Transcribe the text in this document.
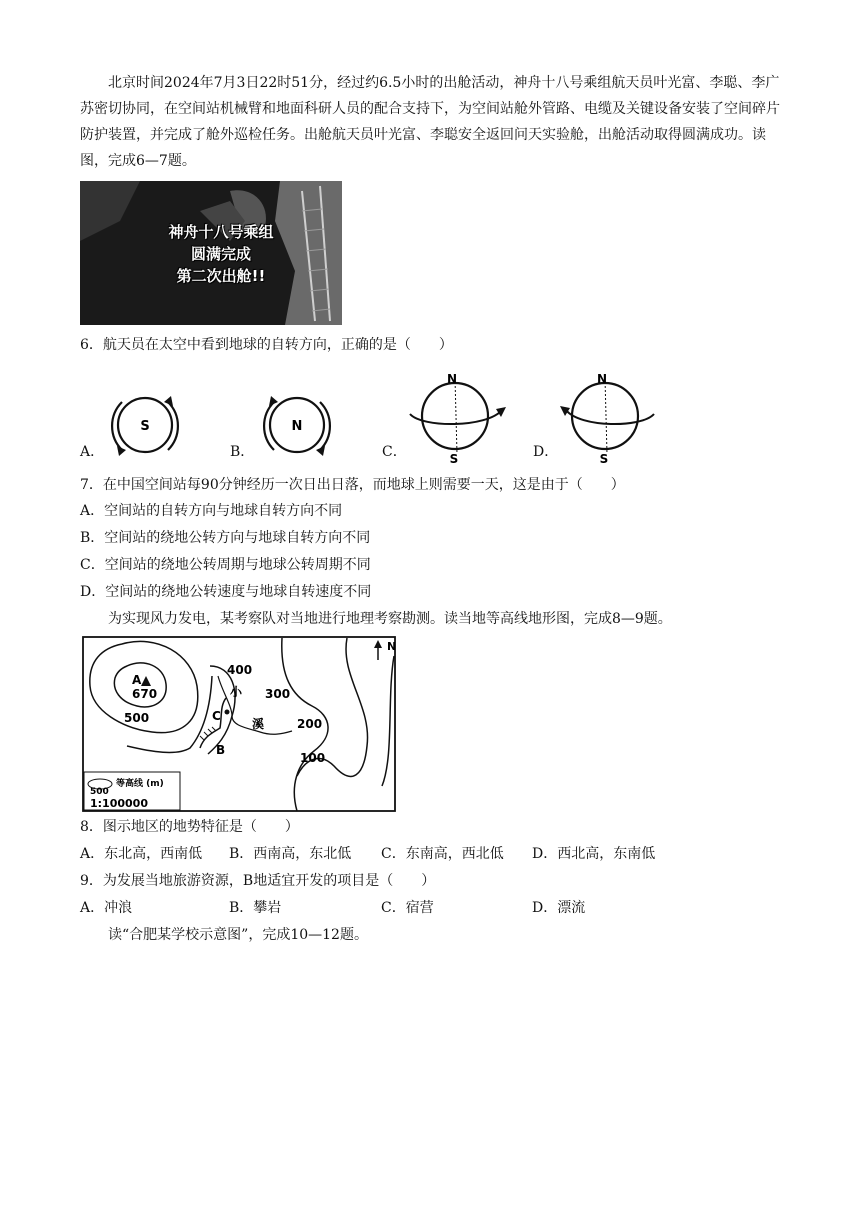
北京时间2024年7月3日22时51分，经过约6.5小时的出舱活动，神舟十八号乘组航天员叶光富、李聪、李广苏密切协同，在空间站机械臂和地面科研人员的配合支持下，为空间站舱外管路、电缆及关键设备安装了空间碎片防护装置，并完成了舱外巡检任务。出舱航天员叶光富、李聪安全返回问天实验舱，出舱活动取得圆满成功。读图，完成6—7题。

神舟十八号乘组
圆满完成
第二次出舱!!

6．航天员在太空中看到地球的自转方向，正确的是（　　）

A．
S
B．
N
C．
N
S	D．
N
S

7．在中国空间站每90分钟经历一次日出日落，而地球上则需要一天，这是由于（　　）

A．空间站的自转方向与地球自转方向不同

B．空间站的绕地公转方向与地球自转方向不同

C．空间站的绕地公转周期与地球公转周期不同

D．空间站的绕地公转速度与地球自转速度不同

为实现风力发电，某考察队对当地进行地理考察勘测。读当地等高线地形图，完成8—9题。

N
A
670
500
400
300
200
100
小
溪
C
B
500
等高线 (m)
1:100000

8．图示地区的地势特征是（　　）

A．东北高，西南低 B．西南高，东北低 C．东南高，西北低 D．西北高，东南低

9．为发展当地旅游资源，B地适宜开发的项目是（　　）

A．冲浪	B．攀岩	C．宿营	D．漂流

读“合肥某学校示意图”，完成10—12题。
